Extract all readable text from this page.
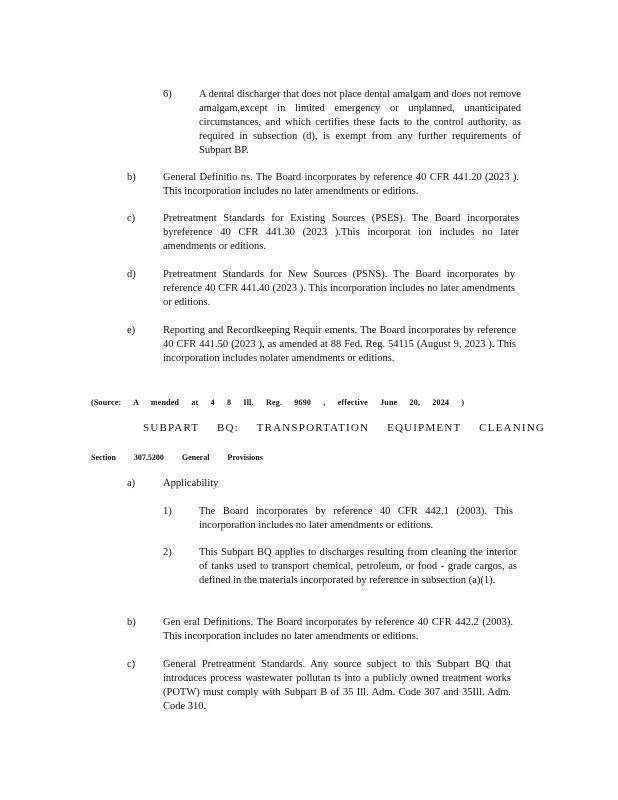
6)	A dental discharger that does not place dental amalgam and does not remove amalgam,except in limited emergency or unplanned, unanticipated circumstances, and which certifies these facts to the control authority, as required in subsection (d), is exempt from any further requirements of Subpart BP.
b)	General Definitio ns. The Board incorporates by reference 40 CFR 441.20 (2023 ). This incorporation includes no later amendments or editions.
c)	Pretreatment Standards for Existing Sources (PSES). The Board incorporates byreference 40 CFR 441.30 (2023 ).This incorporat ion includes no later amendments or editions.
d)	Pretreatment Standards for New Sources (PSNS). The Board incorporates by reference 40 CFR 441.40 (2023 ). This incorporation includes no later amendments or editions.
e)	Reporting and Recordkeeping Requir ements. The Board incorporates by reference 40 CFR 441.50 (2023 ), as amended at 88 Fed. Reg. 54115 (August 9, 2023 ). This incorporation includes nolater amendments or editions.
(Source: A mended at 4 8 Ill. Reg. 9690 , effective June 20, 2024 )
SUBPART BQ: TRANSPORTATION EQUIPMENT CLEANING
Section 307.5200 General Provisions
a)	Applicability
1)	The Board incorporates by reference 40 CFR 442.1 (2003). This incorporation includes no later amendments or editions.
2)	This Subpart BQ applies to discharges resulting from cleaning the interior of tanks used to transport chemical, petroleum, or food - grade cargos, as defined in the materials incorporated by reference in subsection (a)(1).
b)	Gen eral Definitions. The Board incorporates by reference 40 CFR 442.2 (2003). This incorporation includes no later amendments or editions.
c)	General Pretreatment Standards. Any source subject to this Subpart BQ that introduces process wastewater pollutan ts into a publicly owned treatment works (POTW) must comply with Subpart B of 35 Ill. Adm. Code 307 and 35Ill. Adm. Code 310.
